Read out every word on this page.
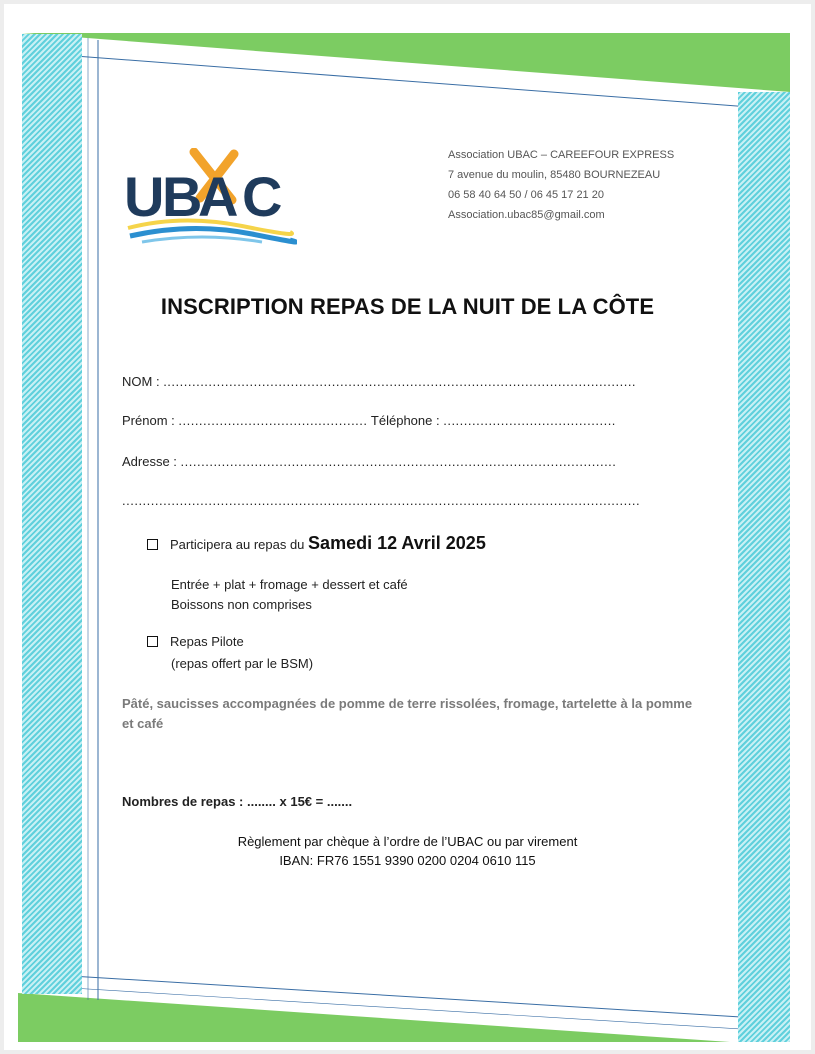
U
B
A C
Association UBAC – CAREEFOUR EXPRESS
7 avenue du moulin, 85480 BOURNEZEAU
06 58 40 64 50 / 06 45 17 21 20
Association.ubac85@gmail.com
INSCRIPTION REPAS DE LA NUIT DE LA CÔTE
NOM : ...................................................................................................................
Prénom : .............................................. Téléphone : ..........................................
Adresse : ..........................................................................................................
..............................................................................................................................
Participera au repas du Samedi 12 Avril 2025
Entrée + plat + fromage + dessert et café
Boissons non comprises
Repas Pilote
(repas offert par le BSM)
Pâté, saucisses accompagnées de pomme de terre rissolées, fromage, tartelette à la pomme et café
Nombres de repas : ........ x 15€ = .......
Règlement par chèque à l’ordre de l’UBAC ou par virement
IBAN: FR76 1551 9390 0200 0204 0610 115
